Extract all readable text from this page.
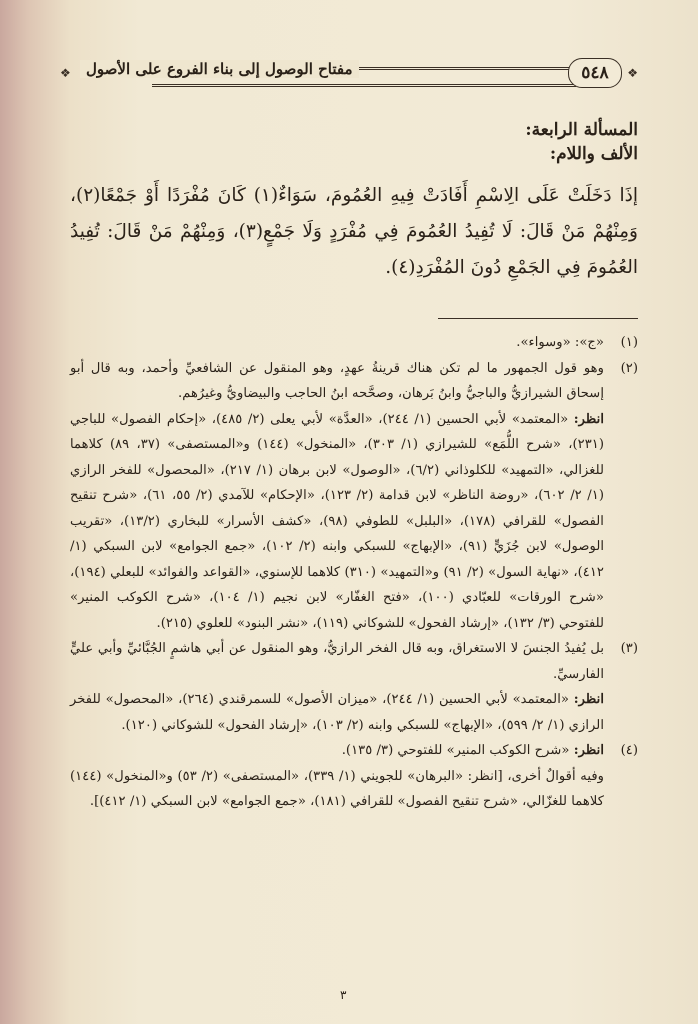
❖	مفتاح الوصول إلى بناء الفروع على الأصول	٥٤٨	❖
المسألة الرابعة:
الألف واللام:
إذَا دَخَلَتْ عَلَى الِاسْمِ أَفَادَتْ فِيهِ العُمُومَ، سَوَاءٌ(١) كَانَ مُفْرَدًا أَوْ جَمْعًا(٢)، وَمِنْهُمْ مَنْ قَالَ: لَا تُفِيدُ العُمُومَ فِي مُفْرَدٍ وَلَا جَمْعٍ(٣)، وَمِنْهُمْ مَنْ قَالَ: تُفِيدُ العُمُومَ فِي الجَمْعِ دُونَ المُفْرَدِ(٤).
(١)

«ج»: «وسواء».

(٢)

وهو قول الجمهور ما لم تكن هناك قرينةُ عهدٍ، وهو المنقول عن الشافعيِّ وأحمد، وبه قال أبو إسحاق الشيرازيُّ والباجيُّ وابنُ بَرهان، وصحَّحه ابنُ الحاجب والبيضاويُّ وغيرُهم.

انظر: «المعتمد» لأبي الحسين (١/ ٢٤٤)، «العدَّة» لأبي يعلى (٢/ ٤٨٥)، «إحكام الفصول» للباجي (٢٣١)، «شرح اللُّمَع» للشيرازي (١/ ٣٠٣)، «المنخول» (١٤٤) و«المستصفى» (٣٧، ٨٩) كلاهما للغزالي، «التمهيد» للكلوذاني (٦/٢)، «الوصول» لابن برهان (١/ ٢١٧)، «المحصول» للفخر الرازي (١/ ٢/ ٦٠٢)، «روضة الناظر» لابن قدامة (٢/ ١٢٣)، «الإحكام» للآمدي (٢/ ٥٥، ٦١)، «شرح تنقيح الفصول» للقرافي (١٧٨)، «البلبل» للطوفي (٩٨)، «كشف الأسرار» للبخاري (١٣/٢)، «تقريب الوصول» لابن جُزَيٍّ (٩١)، «الإبهاج» للسبكي وابنه (٢/ ١٠٢)، «جمع الجوامع» لابن السبكي (١/ ٤١٢)، «نهاية السول» (٢/ ٩١) و«التمهيد» (٣١٠) كلاهما للإسنوي، «القواعد والفوائد» للبعلي (١٩٤)، «شرح الورقات» للعبّادي (١٠٠)، «فتح الغفّار» لابن نجيم (١/ ١٠٤)، «شرح الكوكب المنير» للفتوحي (٣/ ١٣٢)، «إرشاد الفحول» للشوكاني (١١٩)، «نشر البنود» للعلوي (٢١٥).

(٣)

بل يُفيدُ الجنسَ لا الاستغراق، وبه قال الفخر الرازيُّ، وهو المنقول عن أبي هاشمٍ الجُبَّائيِّ وأبي عليٍّ الفارسيِّ.

انظر: «المعتمد» لأبي الحسين (١/ ٢٤٤)، «ميزان الأصول» للسمرقندي (٢٦٤)، «المحصول» للفخر الرازي (١/ ٢/ ٥٩٩)، «الإبهاج» للسبكي وابنه (٢/ ١٠٣)، «إرشاد الفحول» للشوكاني (١٢٠).

(٤)

انظر: «شرح الكوكب المنير» للفتوحي (٣/ ١٣٥).

وفيه أقوالٌ أخرى، [انظر: «البرهان» للجويني (١/ ٣٣٩)، «المستصفى» (٢/ ٥٣) و«المنخول» (١٤٤) كلاهما للغزّالي، «شرح تنقيح الفصول» للقرافي (١٨١)، «جمع الجوامع» لابن السبكي (١/ ٤١٢)].

٣
